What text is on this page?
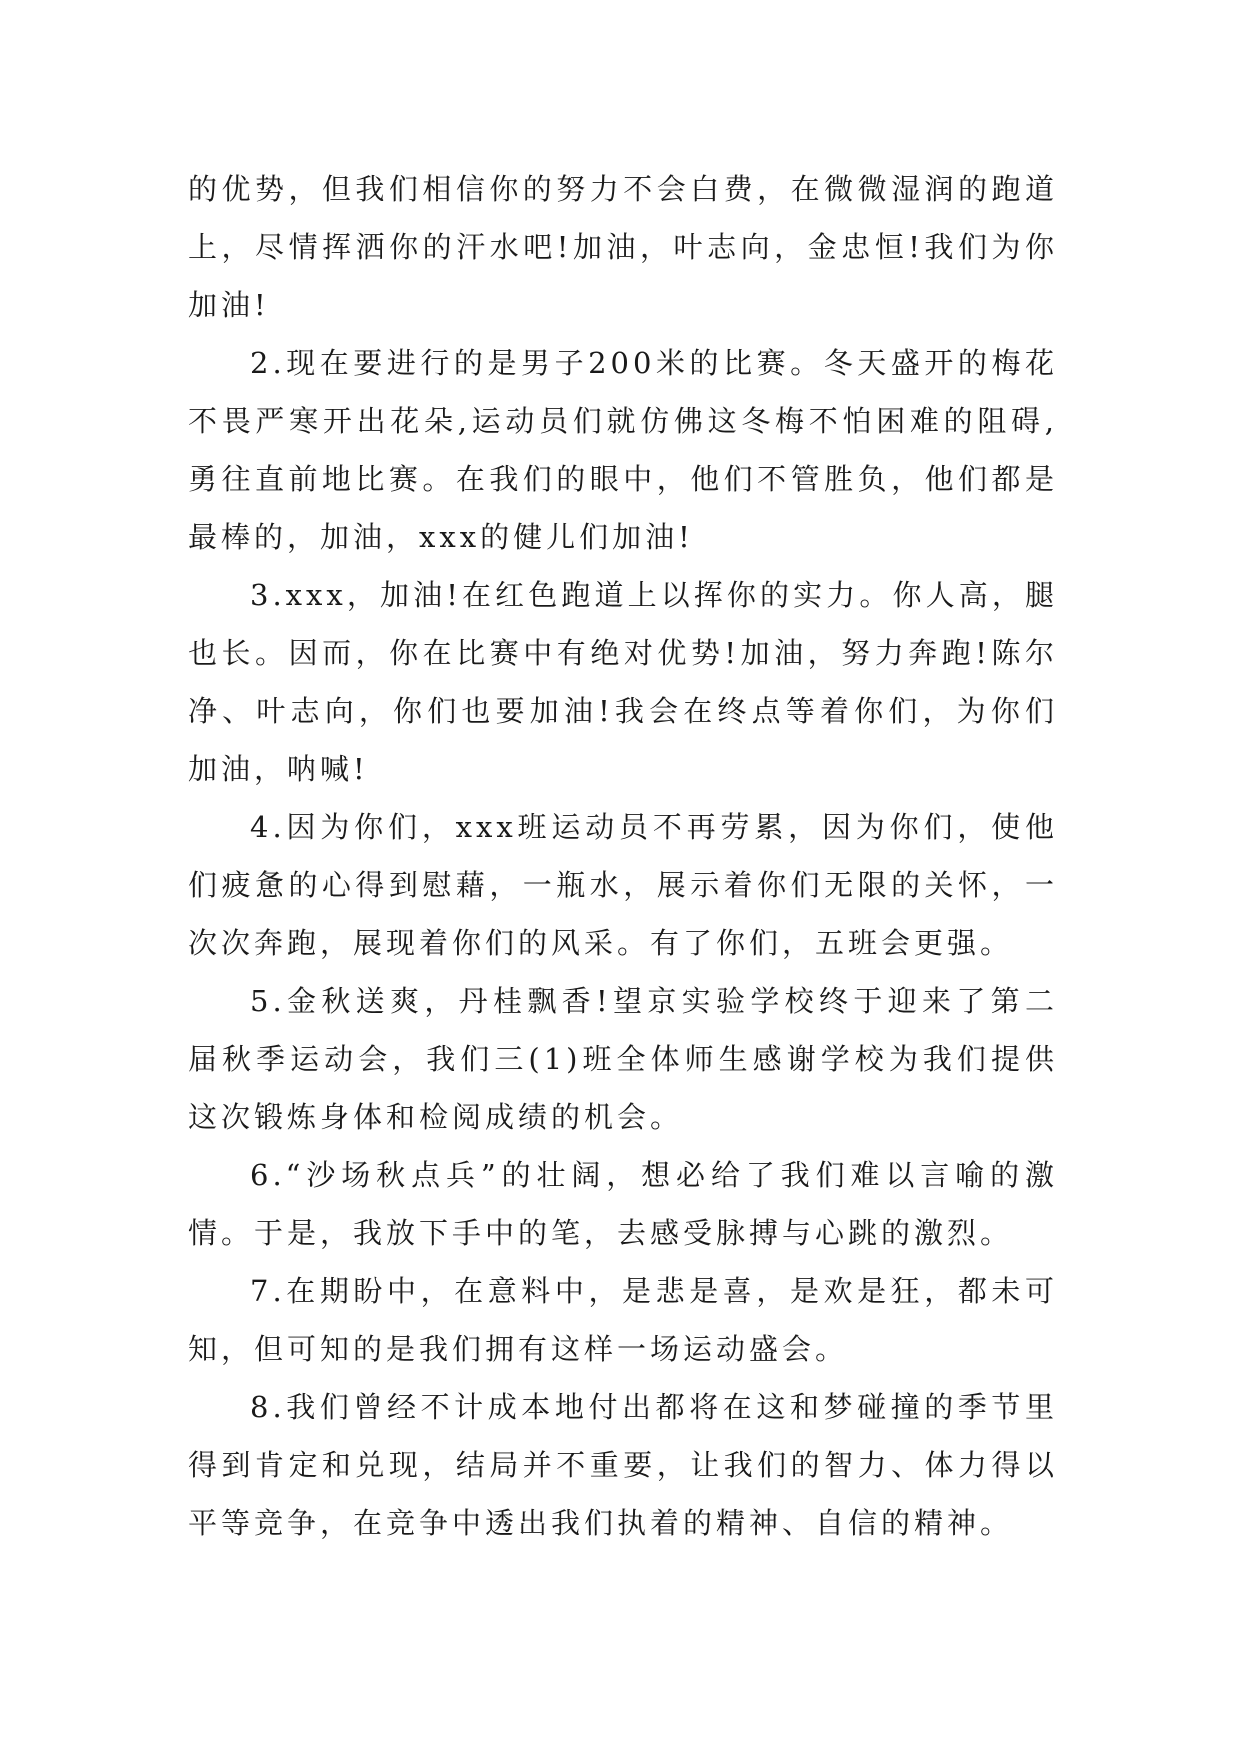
的优势，但我们相信你的努力不会白费，在微微湿润的跑道上，尽情挥洒你的汗水吧!加油，叶志向，金忠恒!我们为你加油!

2.现在要进行的是男子200米的比赛。冬天盛开的梅花不畏严寒开出花朵,运动员们就仿佛这冬梅不怕困难的阻碍,勇往直前地比赛。在我们的眼中，他们不管胜负，他们都是最棒的，加油，xxx的健儿们加油!

3.xxx，加油!在红色跑道上以挥你的实力。你人高，腿也长。因而，你在比赛中有绝对优势!加油，努力奔跑!陈尔净、叶志向，你们也要加油!我会在终点等着你们，为你们加油，呐喊!

4.因为你们，xxx班运动员不再劳累，因为你们，使他们疲惫的心得到慰藉，一瓶水，展示着你们无限的关怀，一次次奔跑，展现着你们的风采。有了你们，五班会更强。

5.金秋送爽，丹桂飘香!望京实验学校终于迎来了第二届秋季运动会，我们三(1)班全体师生感谢学校为我们提供这次锻炼身体和检阅成绩的机会。

6.“沙场秋点兵”的壮阔，想必给了我们难以言喻的激情。于是，我放下手中的笔，去感受脉搏与心跳的激烈。

7.在期盼中，在意料中，是悲是喜，是欢是狂，都未可知，但可知的是我们拥有这样一场运动盛会。

8.我们曾经不计成本地付出都将在这和梦碰撞的季节里得到肯定和兑现，结局并不重要，让我们的智力、体力得以平等竞争，在竞争中透出我们执着的精神、自信的精神。
